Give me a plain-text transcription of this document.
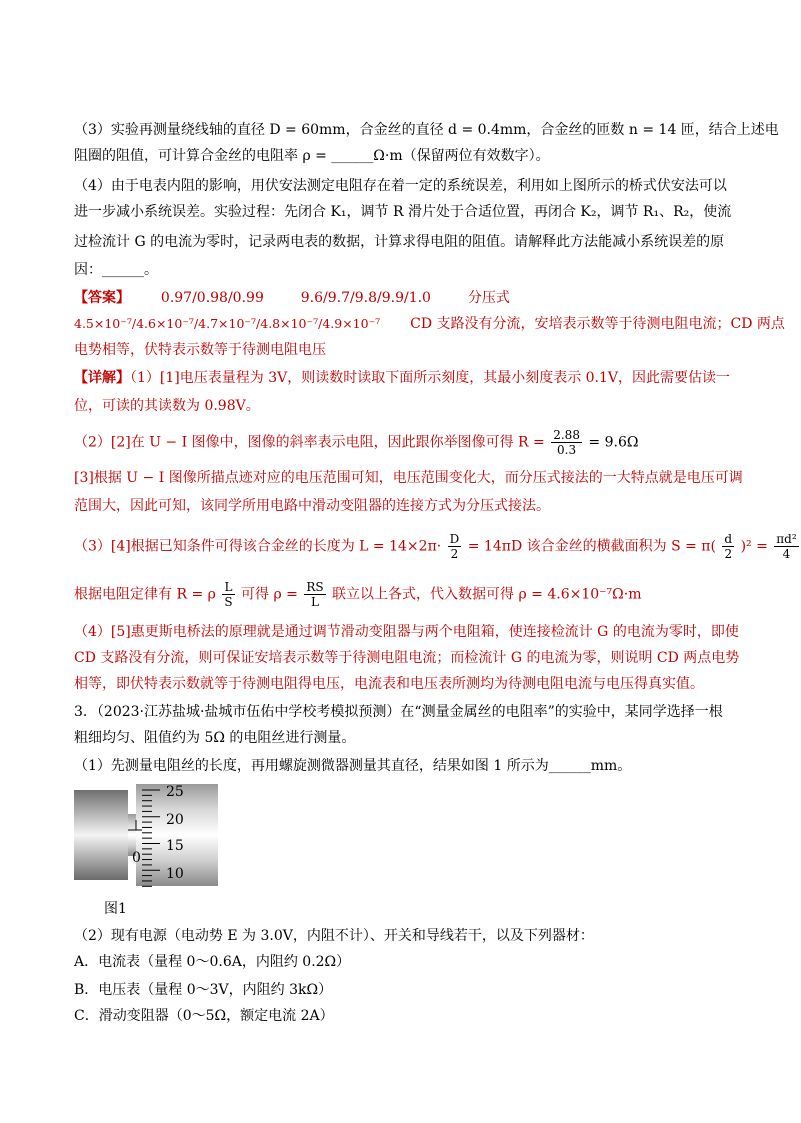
（3）实验再测量绕线轴的直径 D = 60mm，合金丝的直径 d = 0.4mm，合金丝的匝数 n = 14 匝，结合上述电
阻圈的阻值，可计算合金丝的电阻率 ρ = ______Ω·m（保留两位有效数字）。
（4）由于电表内阻的影响，用伏安法测定电阻存在着一定的系统误差，利用如上图所示的桥式伏安法可以
进一步减小系统误差。实验过程：先闭合 K₁，调节 R 滑片处于合适位置，再闭合 K₂，调节 R₁、R₂，使流
过检流计 G 的电流为零时，记录两电表的数据，计算求得电阻的阻值。请解释此方法能减小系统误差的原
因：______。
【答案】 0.97/0.98/0.99	9.6/9.7/9.8/9.9/1.0	分压式
4.5×10⁻⁷/4.6×10⁻⁷/4.7×10⁻⁷/4.8×10⁻⁷/4.9×10⁻⁷ CD 支路没有分流，安培表示数等于待测电阻电流；CD 两点
电势相等，伏特表示数等于待测电阻电压
【详解】（1）[1]电压表量程为 3V，则读数时读取下面所示刻度，其最小刻度表示 0.1V，因此需要估读一
位，可读的其读数为 0.98V。
（2）[2]在 U − I 图像中，图像的斜率表示电阻，因此跟你举图像可得 $R = \frac{2.88}{0.3} = 9.6\Omega$
[3]根据 U − I 图像所描点迹对应的电压范围可知，电压范围变化大，而分压式接法的一大特点就是电压可调
范围大，因此可知，该同学所用电路中滑动变阻器的连接方式为分压式接法。
（3）[4]根据已知条件可得该合金丝的长度为 $L = 14\times 2\pi\cdot \frac{D}{2} = 14\pi D$ 该合金丝的横截面积为 $S = \pi( \frac{d}{2} )^2 = \frac{\text{πd²}}{4}$
根据电阻定律有 R = ρ $\frac{L}{S}$ 可得 $\rho = \frac{RS}{L}$ 联立以上各式，代入数据可得 ρ = 4.6×10⁻⁷Ω·m
（4）[5]惠更斯电桥法的原理就是通过调节滑动变阻器与两个电阻箱，使连接检流计 G 的电流为零时，即使
CD 支路没有分流，则可保证安培表示数等于待测电阻电流；而检流计 G 的电流为零，则说明 CD 两点电势
相等，即伏特表示数就等于待测电阻得电压，电流表和电压表所测均为待测电阻电流与电压得真实值。
3．（2023·江苏盐城·盐城市伍佑中学校考模拟预测）在“测量金属丝的电阻率”的实验中，某同学选择一根
粗细均匀、阻值约为 5Ω 的电阻丝进行测量。
（1）先测量电阻丝的长度，再用螺旋测微器测量其直径，结果如图 1 所示为______mm。
0
25
20
15
10
图1
（2）现有电源（电动势 E 为 3.0V，内阻不计）、开关和导线若干，以及下列器材：
A．电流表（量程 0～0.6A，内阻约 0.2Ω）
B．电压表（量程 0～3V，内阻约 3kΩ）
C．滑动变阻器（0～5Ω，额定电流 2A）
